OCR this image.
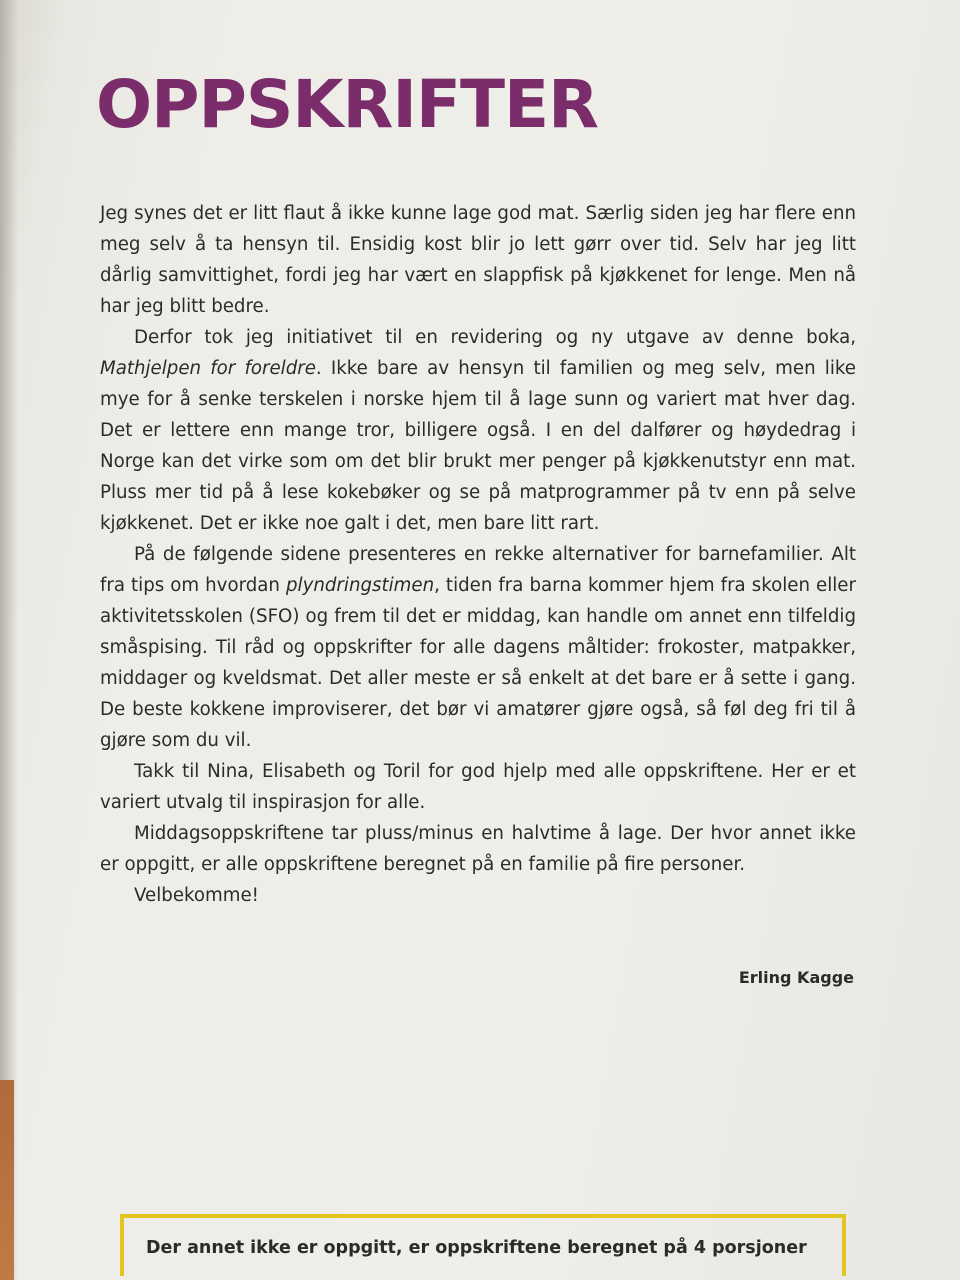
OPPSKRIFTER

Jeg synes det er litt flaut å ikke kunne lage god mat. Særlig siden jeg har flere enn meg selv å ta hensyn til. Ensidig kost blir jo lett gørr over tid. Selv har jeg litt dårlig samvittighet, fordi jeg har vært en slappfisk på kjøkkenet for lenge. Men nå har jeg blitt bedre.

Derfor tok jeg initiativet til en revidering og ny utgave av denne boka, Mathjelpen for foreldre. Ikke bare av hensyn til familien og meg selv, men like mye for å senke terskelen i norske hjem til å lage sunn og variert mat hver dag. Det er lettere enn mange tror, billigere også. I en del dalfører og høydedrag i Norge kan det virke som om det blir brukt mer penger på kjøkkenutstyr enn mat. Pluss mer tid på å lese kokebøker og se på matprogrammer på tv enn på selve kjøkkenet. Det er ikke noe galt i det, men bare litt rart.

På de følgende sidene presenteres en rekke alternativer for barnefamilier. Alt fra tips om hvordan plyndringstimen, tiden fra barna kommer hjem fra skolen eller aktivitetsskolen (SFO) og frem til det er middag, kan handle om annet enn tilfeldig småspising. Til råd og oppskrifter for alle dagens måltider: frokoster, matpakker, middager og kveldsmat. Det aller meste er så enkelt at det bare er å sette i gang. De beste kokkene improviserer, det bør vi amatører gjøre også, så føl deg fri til å gjøre som du vil.

Takk til Nina, Elisabeth og Toril for god hjelp med alle oppskriftene. Her er et variert utvalg til inspirasjon for alle.

Middagsoppskriftene tar pluss/minus en halvtime å lage. Der hvor annet ikke er oppgitt, er alle oppskriftene beregnet på en familie på fire personer.

Velbekomme!

Erling Kagge
Der annet ikke er oppgitt, er oppskriftene beregnet på 4 porsjoner
